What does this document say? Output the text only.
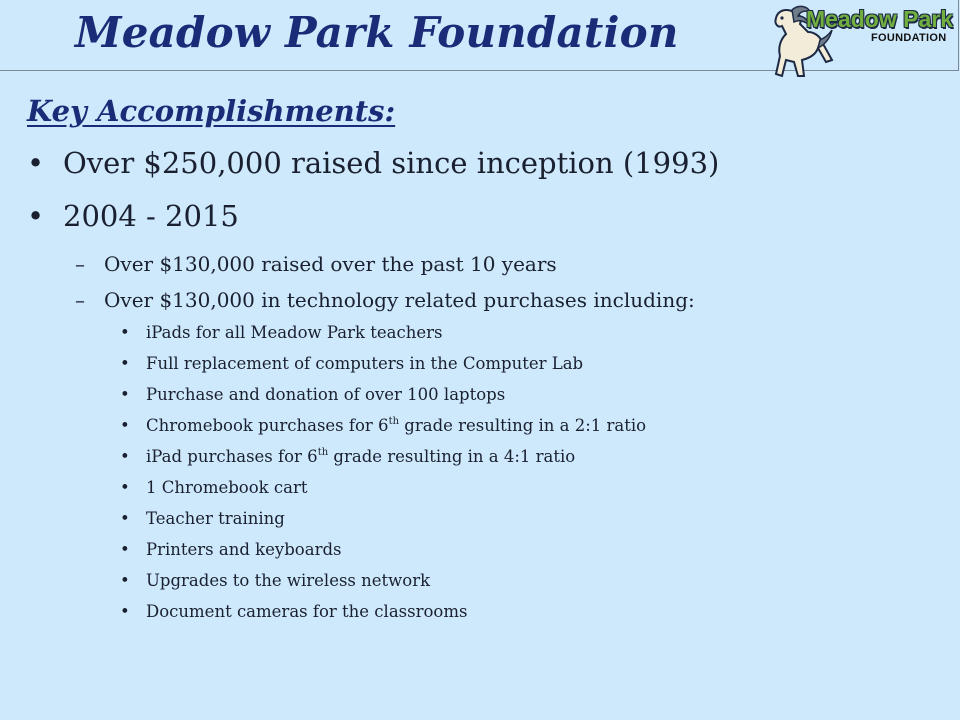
Meadow Park Foundation	Meadow Park
FOUNDATION
Key Accomplishments:
• Over $250,000 raised since inception (1993)
• 2004 - 2015
– Over $130,000 raised over the past 10 years
– Over $130,000 in technology related purchases including:
• iPads for all Meadow Park teachers
• Full replacement of computers in the Computer Lab
• Purchase and donation of over 100 laptops
• Chromebook purchases for 6th grade resulting in a 2:1 ratio
• iPad purchases for 6th grade resulting in a 4:1 ratio
• 1 Chromebook cart
• Teacher training
• Printers and keyboards
• Upgrades to the wireless network
• Document cameras for the classrooms
